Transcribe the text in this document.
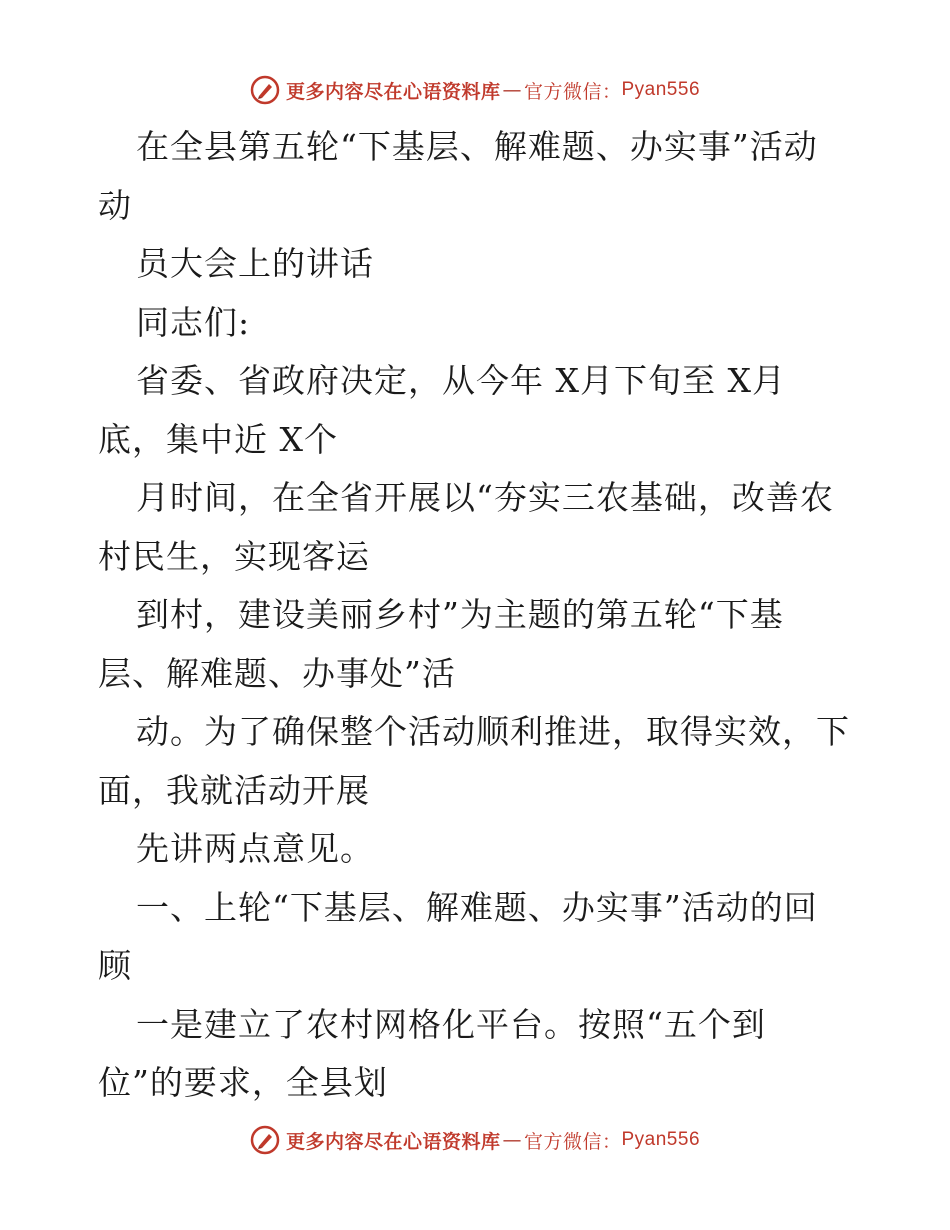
更多内容尽在心语资料库 — 官方微信： Pyan556
在全县第五轮“下基层、解难题、办实事”活动
动
员大会上的讲话
同志们:
省委、省政府决定，从今年 X月下旬至 X月
底，集中近 X个
月时间，在全省开展以“夯实三农基础，改善农
村民生，实现客运
到村，建设美丽乡村”为主题的第五轮“下基
层、解难题、办事处”活
动。为了确保整个活动顺利推进，取得实效，下
面，我就活动开展
先讲两点意见。
一、上轮“下基层、解难题、办实事”活动的回
顾
一是建立了农村网格化平台。按照“五个到
位”的要求，全县划
更多内容尽在心语资料库 — 官方微信： Pyan556
